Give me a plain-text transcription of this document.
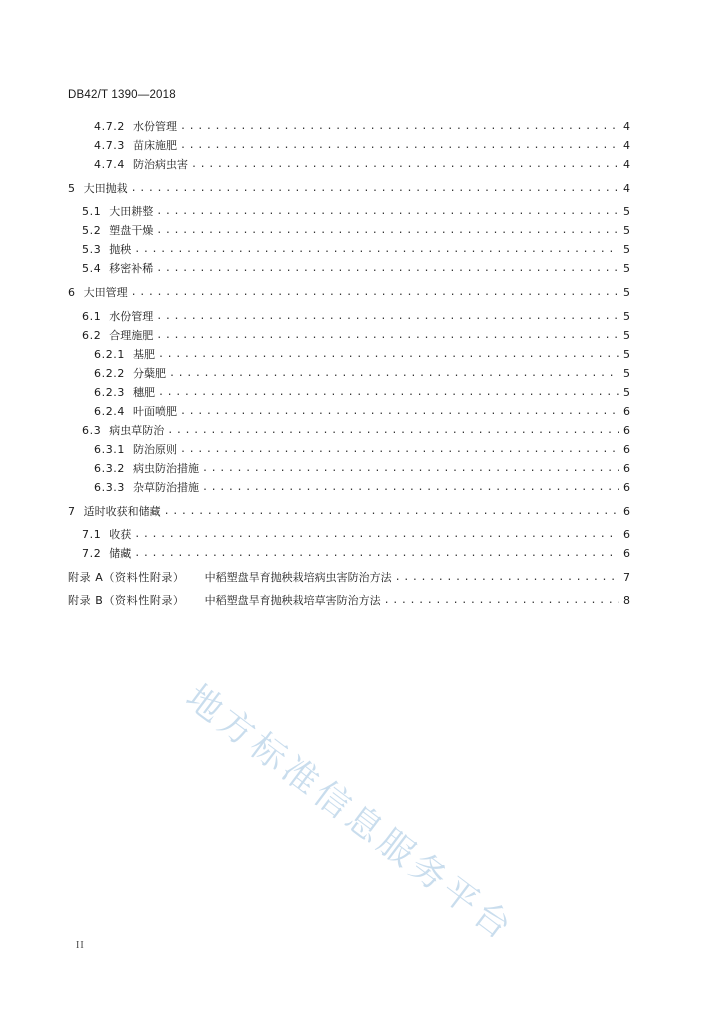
DB42/T 1390—2018
4.7.2 水份管理 .....	4
4.7.3 苗床施肥 .....	4
4.7.4 防治病虫害 .....	4
5 大田抛栽 .....	4
5.1 大田耕整 .....	5
5.2 塑盘干燥 .....	5
5.3 抛秧 .....	5
5.4 移密补稀 .....	5
6 大田管理 .....	5
6.1 水份管理 .....	5
6.2 合理施肥 .....	5
6.2.1 基肥 .....	5
6.2.2 分蘖肥 .....	5
6.2.3 穗肥 .....	5
6.2.4 叶面喷肥 .....	6
6.3 病虫草防治 .....	6
6.3.1 防治原则 .....	6
6.3.2 病虫防治措施 .....	6
6.3.3 杂草防治措施 .....	6
7 适时收获和储藏 .....	6
7.1 收获 .....	6
7.2 储藏 .....	6
附录 A（资料性附录） 中稻塑盘旱育抛秧栽培病虫害防治方法 .....	7
附录 B（资料性附录） 中稻塑盘旱育抛秧栽培草害防治方法 .....	8
地方标准信息服务平台
II
